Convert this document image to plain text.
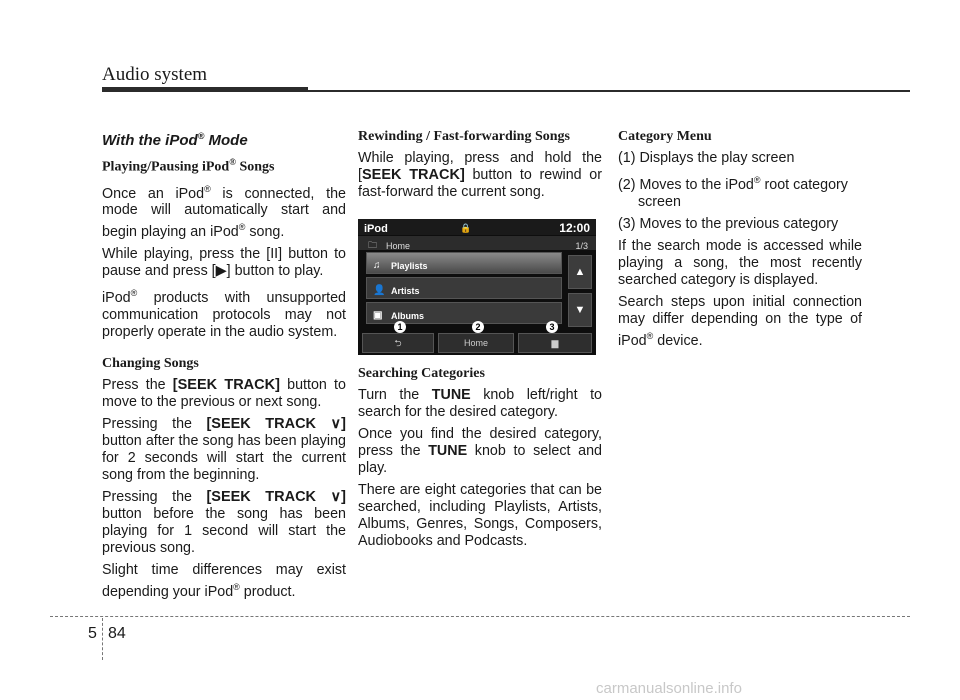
Audio system

With the iPod® Mode

Playing/Pausing iPod® Songs

Once an iPod® is connected, the mode will automatically start and begin playing an iPod® song.

While playing, press the [II] button to pause and press [▶] button to play.

iPod® products with unsupported communication protocols may not properly operate in the audio system.

Changing Songs

Press the [SEEK TRACK] button to move to the previous or next song.

Pressing the [SEEK TRACK ∨] button after the song has been playing for 2 seconds will start the current song from the beginning.

Pressing the [SEEK TRACK ∨] button before the song has been playing for 1 second will start the previous song.

Slight time differences may exist depending your iPod® product.

Rewinding / Fast-forwarding Songs

While playing, press and hold the [SEEK TRACK] button to rewind or fast-forward the current song.

iPod	🔒	12:00
🗀 Home	1/3
♫ Playlists
👤 Artists
▣ Albums
▲
▼
⮌	Home	▆
1	2	3

Searching Categories

Turn the TUNE knob left/right to search for the desired category.

Once you find the desired category, press the TUNE knob to select and play.

There are eight categories that can be searched, including Playlists, Artists, Albums, Genres, Songs, Composers, Audiobooks and Podcasts.

Category Menu

(1) Displays the play screen

(2) Moves to the iPod® root category screen

(3) Moves to the previous category

If the search mode is accessed while playing a song, the most recently searched category is displayed.

Search steps upon initial connection may differ depending on the type of iPod® device.

5 84
carmanualsonline.info
